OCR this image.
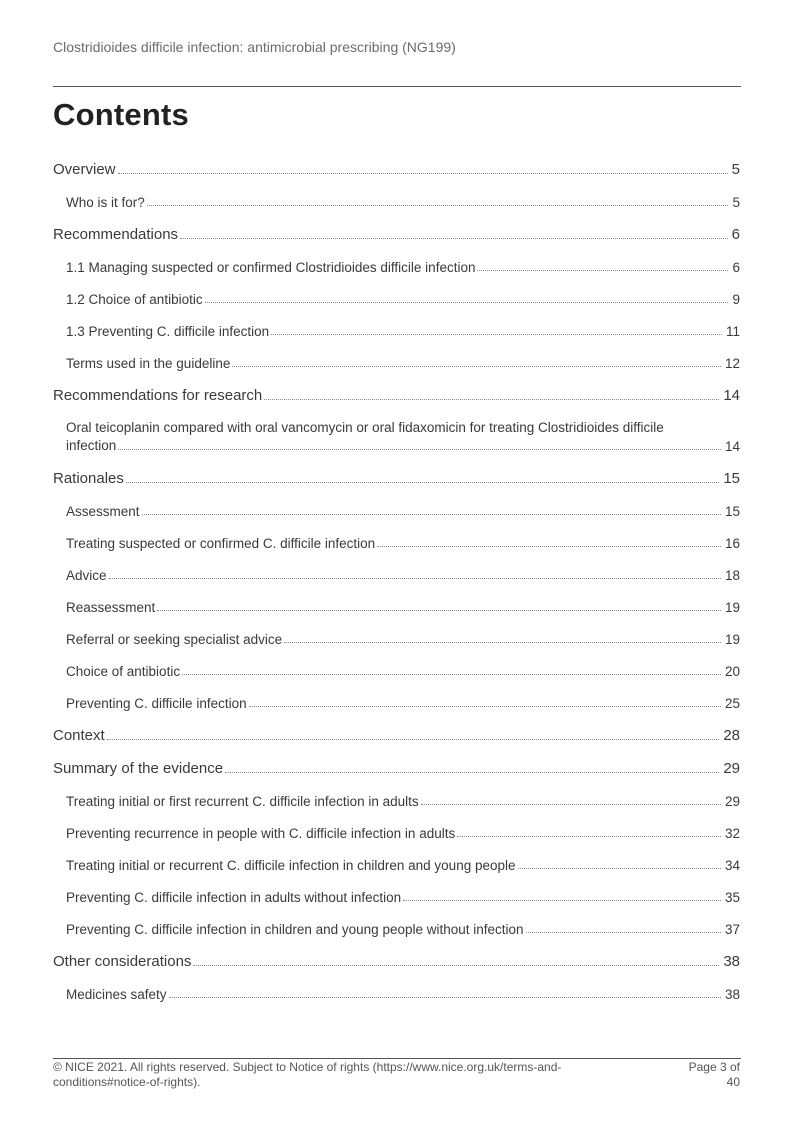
Clostridioides difficile infection: antimicrobial prescribing (NG199)
Contents
Overview	5
Who is it for?	5
Recommendations	6
1.1 Managing suspected or confirmed Clostridioides difficile infection	6
1.2 Choice of antibiotic	9
1.3 Preventing C. difficile infection	11
Terms used in the guideline	12
Recommendations for research	14
Oral teicoplanin compared with oral vancomycin or oral fidaxomicin for treating Clostridioides difficile
infection	14
Rationales	15
Assessment	15
Treating suspected or confirmed C. difficile infection	16
Advice	18
Reassessment	19
Referral or seeking specialist advice	19
Choice of antibiotic	20
Preventing C. difficile infection	25
Context	28
Summary of the evidence	29
Treating initial or first recurrent C. difficile infection in adults	29
Preventing recurrence in people with C. difficile infection in adults	32
Treating initial or recurrent C. difficile infection in children and young people	34
Preventing C. difficile infection in adults without infection	35
Preventing C. difficile infection in children and young people without infection	37
Other considerations	38
Medicines safety	38
© NICE 2021. All rights reserved. Subject to Notice of rights (https://www.nice.org.uk/terms-and-conditions#notice-of-rights).
Page 3 of 40
